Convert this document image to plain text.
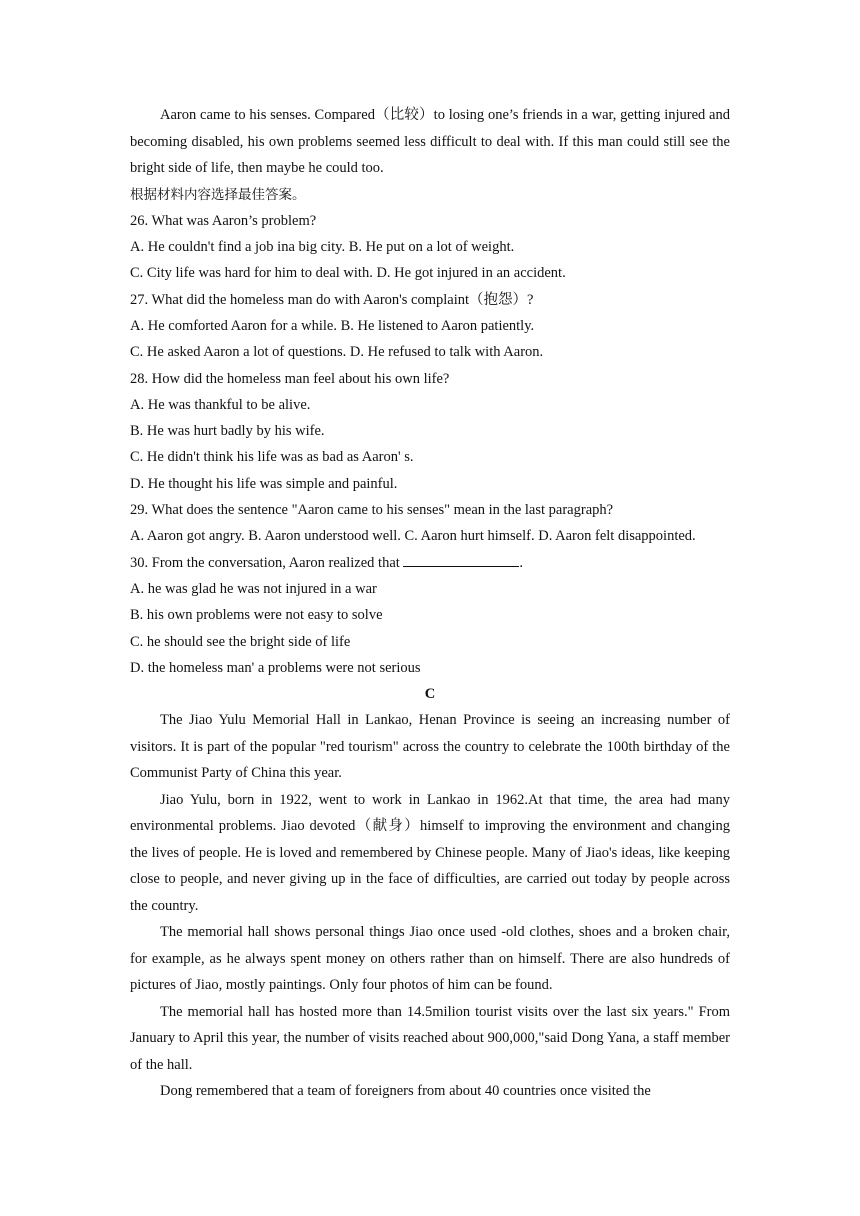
Aaron came to his senses. Compared（比较）to losing one’s friends in a war, getting injured and becoming disabled, his own problems seemed less difficult to deal with. If this man could still see the bright side of life, then maybe he could too.

根据材料内容选择最佳答案。

26. What was Aaron’s problem?

A. He couldn't find a job ina big city. B. He put on a lot of weight.

C. City life was hard for him to deal with. D. He got injured in an accident.

27. What did the homeless man do with Aaron's complaint（抱怨）?

A. He comforted Aaron for a while. B. He listened to Aaron patiently.

C. He asked Aaron a lot of questions. D. He refused to talk with Aaron.

28. How did the homeless man feel about his own life?

A. He was thankful to be alive.

B. He was hurt badly by his wife.

C. He didn't think his life was as bad as Aaron' s.

D. He thought his life was simple and painful.

29. What does the sentence "Aaron came to his senses" mean in the last paragraph?

A. Aaron got angry. B. Aaron understood well. C. Aaron hurt himself. D. Aaron felt disappointed.

30. From the conversation, Aaron realized that	.

A. he was glad he was not injured in a war

B. his own problems were not easy to solve

C. he should see the bright side of life

D. the homeless man' a problems were not serious

C

The Jiao Yulu Memorial Hall in Lankao, Henan Province is seeing an increasing number of visitors. It is part of the popular "red tourism" across the country to celebrate the 100th birthday of the Communist Party of China this year.

Jiao Yulu, born in 1922, went to work in Lankao in 1962.At that time, the area had many environmental problems. Jiao devoted（献身）himself to improving the environment and changing the lives of people. He is loved and remembered by Chinese people. Many of Jiao's ideas, like keeping close to people, and never giving up in the face of difficulties, are carried out today by people across the country.

The memorial hall shows personal things Jiao once used -old clothes, shoes and a broken chair, for example, as he always spent money on others rather than on himself. There are also hundreds of pictures of Jiao, mostly paintings. Only four photos of him can be found.

The memorial hall has hosted more than 14.5milion tourist visits over the last six years." From January to April this year, the number of visits reached about 900,000,"said Dong Yana, a staff member of the hall.

Dong remembered that a team of foreigners from about 40 countries once visited the
